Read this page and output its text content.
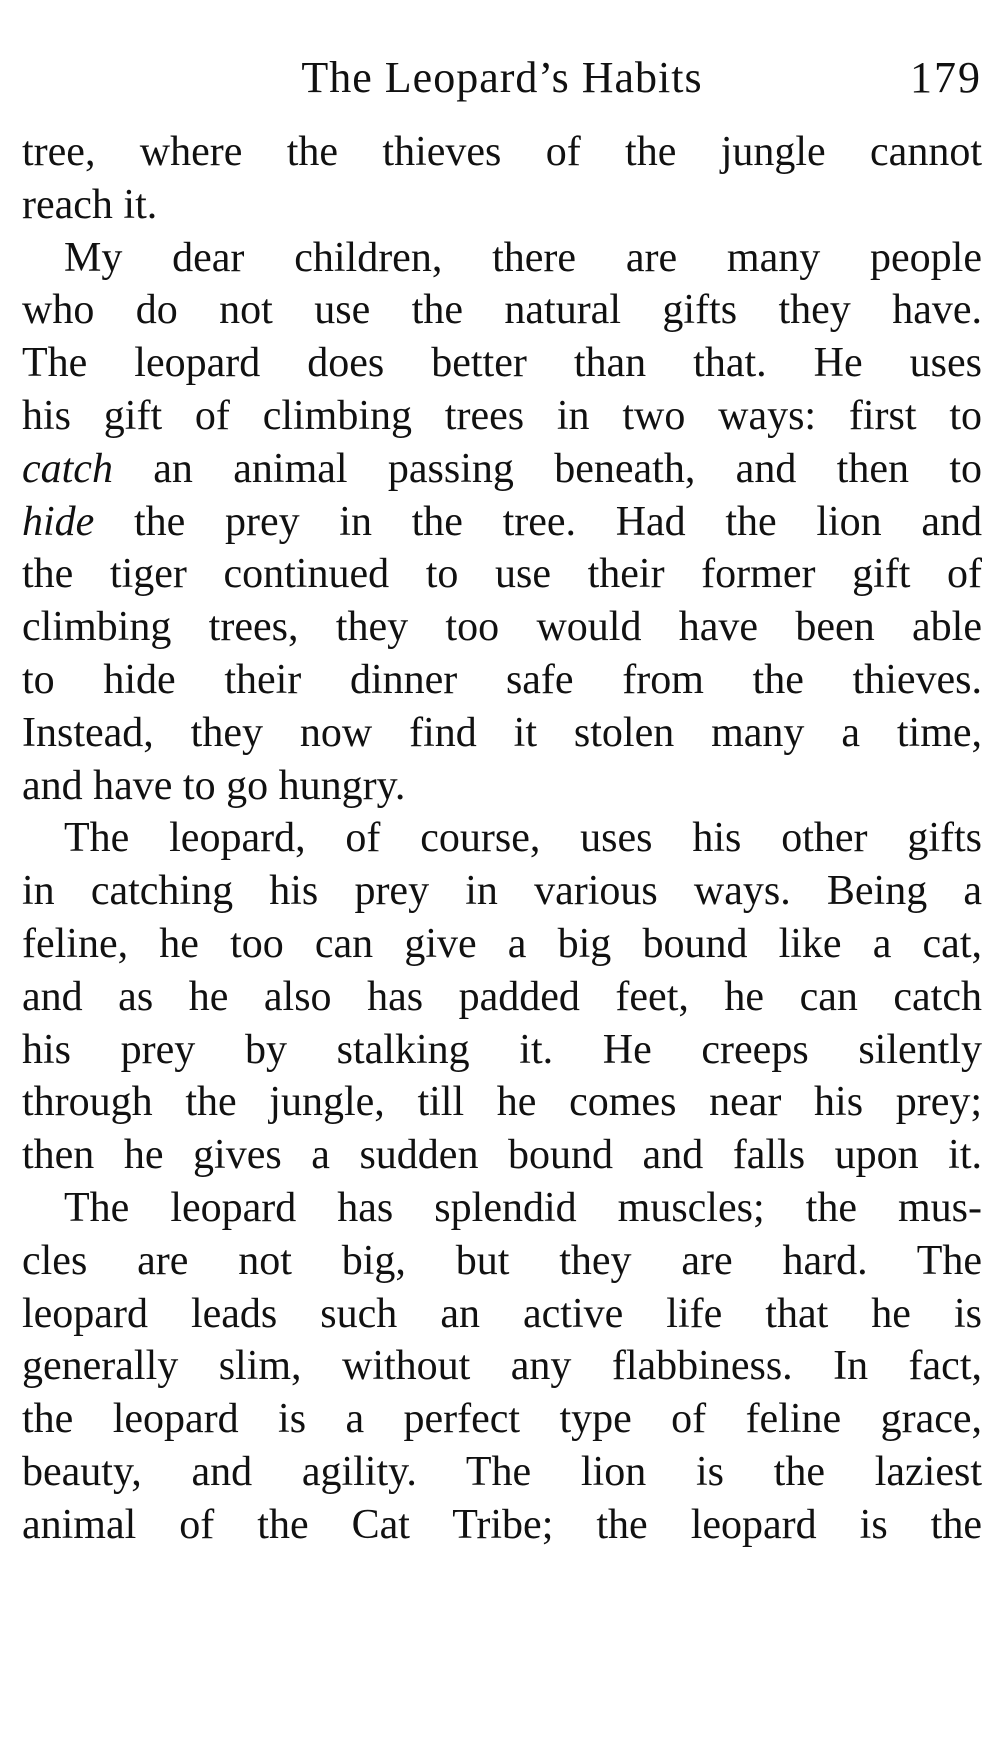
The Leopard’s Habits	179
tree, where the thieves of the jungle cannot
reach it.
My dear children, there are many people
who do not use the natural gifts they have.
The leopard does better than that. He uses
his gift of climbing trees in two ways: first to
catch an animal passing beneath, and then to
hide the prey in the tree. Had the lion and
the tiger continued to use their former gift of
climbing trees, they too would have been able
to hide their dinner safe from the thieves.
Instead, they now find it stolen many a time,
and have to go hungry.
The leopard, of course, uses his other gifts
in catching his prey in various ways. Being a
feline, he too can give a big bound like a cat,
and as he also has padded feet, he can catch
his prey by stalking it. He creeps silently
through the jungle, till he comes near his prey;
then he gives a sudden bound and falls upon it.
The leopard has splendid muscles; the mus-
cles are not big, but they are hard. The
leopard leads such an active life that he is
generally slim, without any flabbiness. In fact,
the leopard is a perfect type of feline grace,
beauty, and agility. The lion is the laziest
animal of the Cat Tribe; the leopard is the
